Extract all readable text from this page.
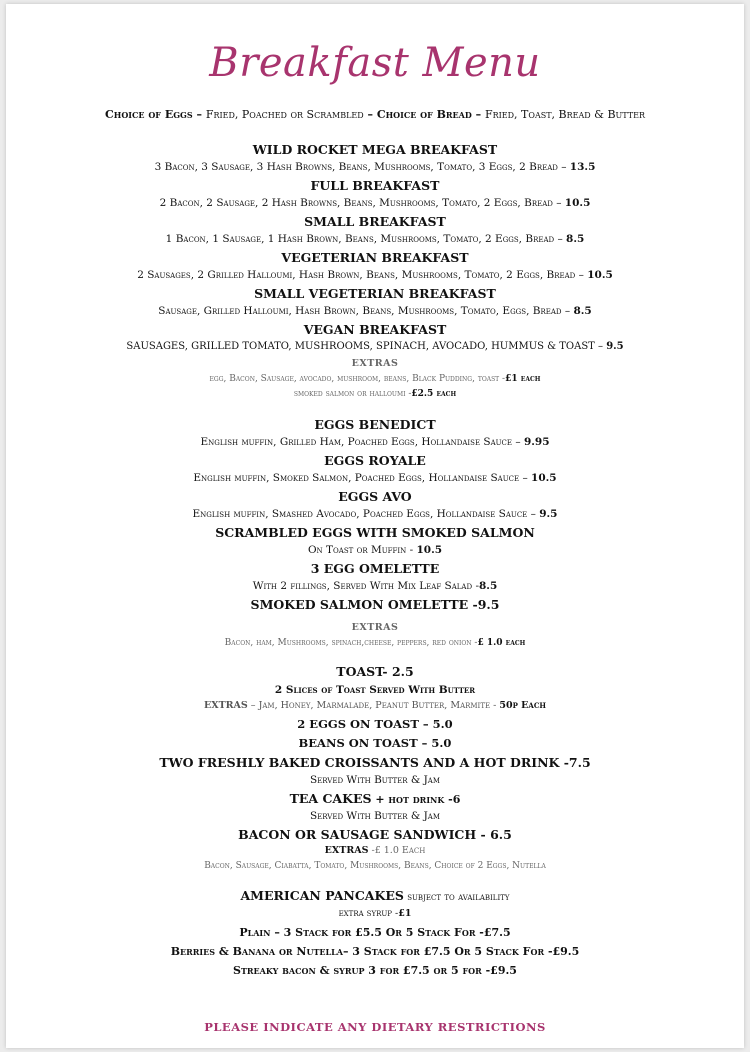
Breakfast Menu
Choice of Eggs – Fried, Poached or Scrambled – Choice of Bread – Fried, Toast, Bread & Butter
WILD ROCKET MEGA BREAKFAST
3 Bacon, 3 Sausage, 3 Hash Browns, Beans, Mushrooms, Tomato, 3 Eggs, 2 Bread – 13.5
FULL BREAKFAST
2 Bacon, 2 Sausage, 2 Hash Browns, Beans, Mushrooms, Tomato, 2 Eggs, Bread – 10.5
SMALL BREAKFAST
1 Bacon, 1 Sausage, 1 Hash Brown, Beans, Mushrooms, Tomato, 2 Eggs, Bread – 8.5
VEGETERIAN BREAKFAST
2 Sausages, 2 Grilled Halloumi, Hash Brown, Beans, Mushrooms, Tomato, 2 Eggs, Bread – 10.5
SMALL VEGETERIAN BREAKFAST
Sausage, Grilled Halloumi, Hash Brown, Beans, Mushrooms, Tomato, Eggs, Bread – 8.5
VEGAN BREAKFAST
SAUSAGES, GRILLED TOMATO, MUSHROOMS, SPINACH, AVOCADO, HUMMUS & TOAST – 9.5
EXTRAS
egg, Bacon, Sausage, avocado, mushroom, beans, Black Pudding, toast -£1 each
smoked salmon or halloumi -£2.5 each
EGGS BENEDICT
English muffin, Grilled Ham, Poached Eggs, Hollandaise Sauce – 9.95
EGGS ROYALE
English muffin, Smoked Salmon, Poached Eggs, Hollandaise Sauce – 10.5
EGGS AVO
English muffin, Smashed Avocado, Poached Eggs, Hollandaise Sauce – 9.5
SCRAMBLED EGGS WITH SMOKED SALMON
On Toast or Muffin - 10.5
3 EGG OMELETTE
With 2 fillings, Served With Mix Leaf Salad -8.5
SMOKED SALMON OMELETTE -9.5
EXTRAS
Bacon, ham, Mushrooms, spinach,cheese, peppers, red onion -£ 1.0 each
TOAST- 2.5
2 Slices of Toast Served With Butter
EXTRAS – Jam, Honey, Marmalade, Peanut Butter, Marmite - 50p Each
2 EGGS ON TOAST – 5.0
BEANS ON TOAST – 5.0
TWO FRESHLY BAKED CROISSANTS AND A HOT DRINK -7.5
Served With Butter & Jam
TEA CAKES + hot drink -6
Served With Butter & Jam
BACON OR SAUSAGE SANDWICH - 6.5
EXTRAS -£ 1.0 Each
Bacon, Sausage, Ciabatta, Tomato, Mushrooms, Beans, Choice of 2 Eggs, Nutella
AMERICAN PANCAKES subject to availability
extra syrup -£1
Plain – 3 Stack for £5.5 Or 5 Stack For -£7.5
Berries & Banana or Nutella– 3 Stack for £7.5 Or 5 Stack For -£9.5
Streaky bacon & syrup 3 for £7.5 or 5 for -£9.5
PLEASE INDICATE ANY DIETARY RESTRICTIONS
